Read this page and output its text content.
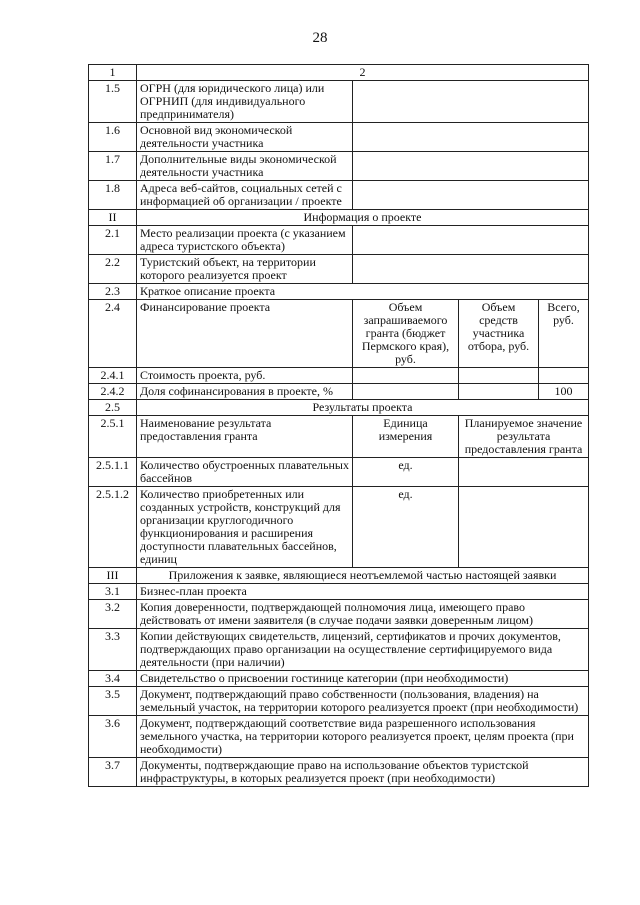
28
1	2			
1.5	ОГРН (для юридического лица) или ОГРНИП (для индивидуального предпринимателя)			
1.6	Основной вид экономической деятельности участника			
1.7	Дополнительные виды экономической деятельности участника			
1.8	Адреса веб-сайтов, социальных сетей с информацией об организации / проекте			
II	Информация о проекте			
2.1	Место реализации проекта (с указанием адреса туристского объекта)			
2.2	Туристский объект, на территории которого реализуется проект			
2.3	Краткое описание проекта			
2.4	Финансирование проекта	Объем запрашиваемого гранта (бюджет Пермского края), руб.	Объем средств участника отбора, руб.	Всего, руб.
2.4.1	Стоимость проекта, руб.			
2.4.2	Доля софинансирования в проекте, %			100
2.5	Результаты проекта			
2.5.1	Наименование результата предоставления гранта	Единица измерения	Планируемое значение результата предоставления гранта	
2.5.1.1	Количество обустроенных плавательных бассейнов	ед.		
2.5.1.2	Количество приобретенных или созданных устройств, конструкций для организации круглогодичного функционирования и расширения доступности плавательных бассейнов, единиц	ед.		
III	Приложения к заявке, являющиеся неотъемлемой частью настоящей заявки			
3.1	Бизнес-план проекта			
3.2	Копия доверенности, подтверждающей полномочия лица, имеющего право действовать от имени заявителя (в случае подачи заявки доверенным лицом)			
3.3	Копии действующих свидетельств, лицензий, сертификатов и прочих документов, подтверждающих право организации на осуществление сертифицируемого вида деятельности (при наличии)			
3.4	Свидетельство о присвоении гостинице категории (при необходимости)			
3.5	Документ, подтверждающий право собственности (пользования, владения) на земельный участок, на территории которого реализуется проект (при необходимости)			
3.6	Документ, подтверждающий соответствие вида разрешенного использования земельного участка, на территории которого реализуется проект, целям проекта (при необходимости)			
3.7	Документы, подтверждающие право на использование объектов туристской инфраструктуры, в которых реализуется проект (при необходимости)			
